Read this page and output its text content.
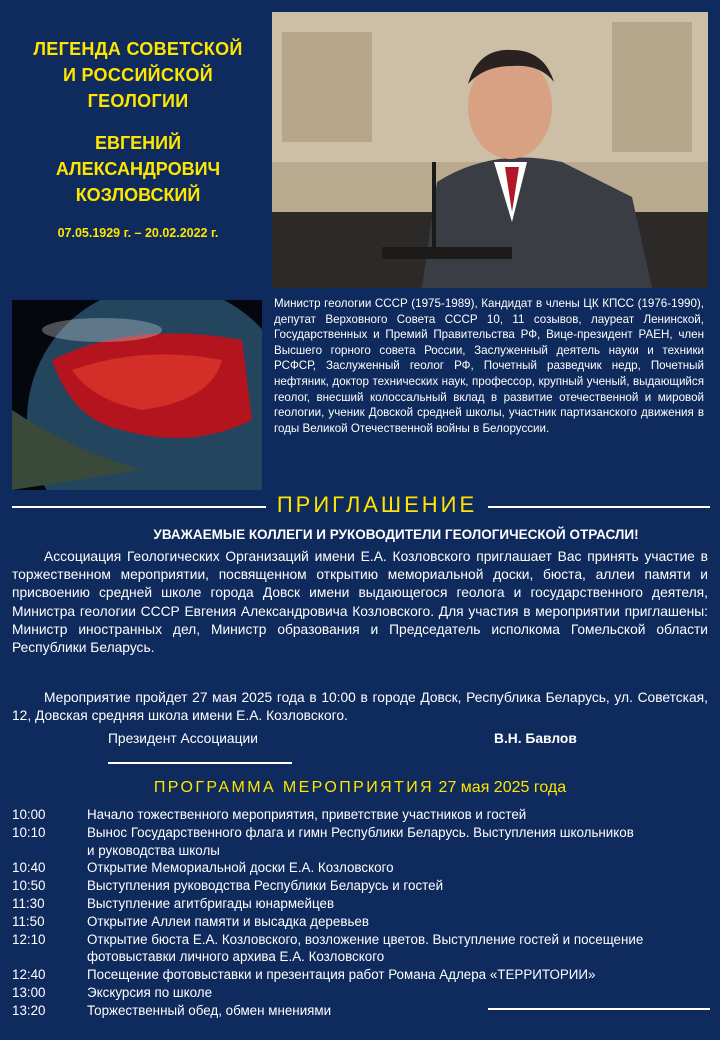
ЛЕГЕНДА СОВЕТСКОЙ
И РОССИЙСКОЙ
ГЕОЛОГИИ
ЕВГЕНИЙ
АЛЕКСАНДРОВИЧ
КОЗЛОВСКИЙ
07.05.1929 г. – 20.02.2022 г.
Министр геологии СССР (1975-1989), Кандидат в члены ЦК КПСС (1976-1990), депутат Верховного Совета СССР 10, 11 созывов, лауреат Ленинской, Государственных и Премий Правительства РФ, Вице-президент РАЕН, член Высшего горного совета России, Заслуженный деятель науки и техники РСФСР, Заслуженный геолог РФ, Почетный разведчик недр, Почетный нефтяник, доктор технических наук, профессор, крупный ученый, выдающийся геолог, внесший колоссальный вклад в развитие отечественной и мировой геологии, ученик Довской средней школы, участник партизанского движения в годы Великой Отечественной войны в Белоруссии.
ПРИГЛАШЕНИЕ
УВАЖАЕМЫЕ КОЛЛЕГИ И РУКОВОДИТЕЛИ ГЕОЛОГИЧЕСКОЙ ОТРАСЛИ!
Ассоциация Геологических Организаций имени Е.А. Козловского приглашает Вас принять участие в торжественном мероприятии, посвященном открытию мемориальной доски, бюста, аллеи памяти и присвоению средней школе города Довск имени выдающегося геолога и государственного деятеля, Министра геологии СССР Евгения Александровича Козловского. Для участия в мероприятии приглашены: Министр иностранных дел, Министр образования и Председатель исполкома Гомельской области Республики Беларусь.
Мероприятие пройдет 27 мая 2025 года в 10:00 в городе Довск, Республика Беларусь, ул. Советская, 12, Довская средняя школа имени Е.А. Козловского.
Президент Ассоциации	В.Н. Бавлов
ПРОГРАММА МЕРОПРИЯТИЯ 27 мая 2025 года
10:00	Начало тожественного мероприятия, приветствие участников и гостей
10:10	Вынос Государственного флага и гимн Республики Беларусь. Выступления школьников и руководства школы
10:40	Открытие Мемориальной доски Е.А. Козловского
10:50	Выступления руководства Республики Беларусь и гостей
11:30	Выступление агитбригады юнармейцев
11:50	Открытие Аллеи памяти и высадка деревьев
12:10	Открытие бюста Е.А. Козловского, возложение цветов. Выступление гостей и посещение фотовыставки личного архива Е.А. Козловского
12:40	Посещение фотовыставки и презентация работ Романа Адлера «ТЕРРИТОРИИ»
13:00	Экскурсия по школе
13:20	Торжественный обед, обмен мнениями
